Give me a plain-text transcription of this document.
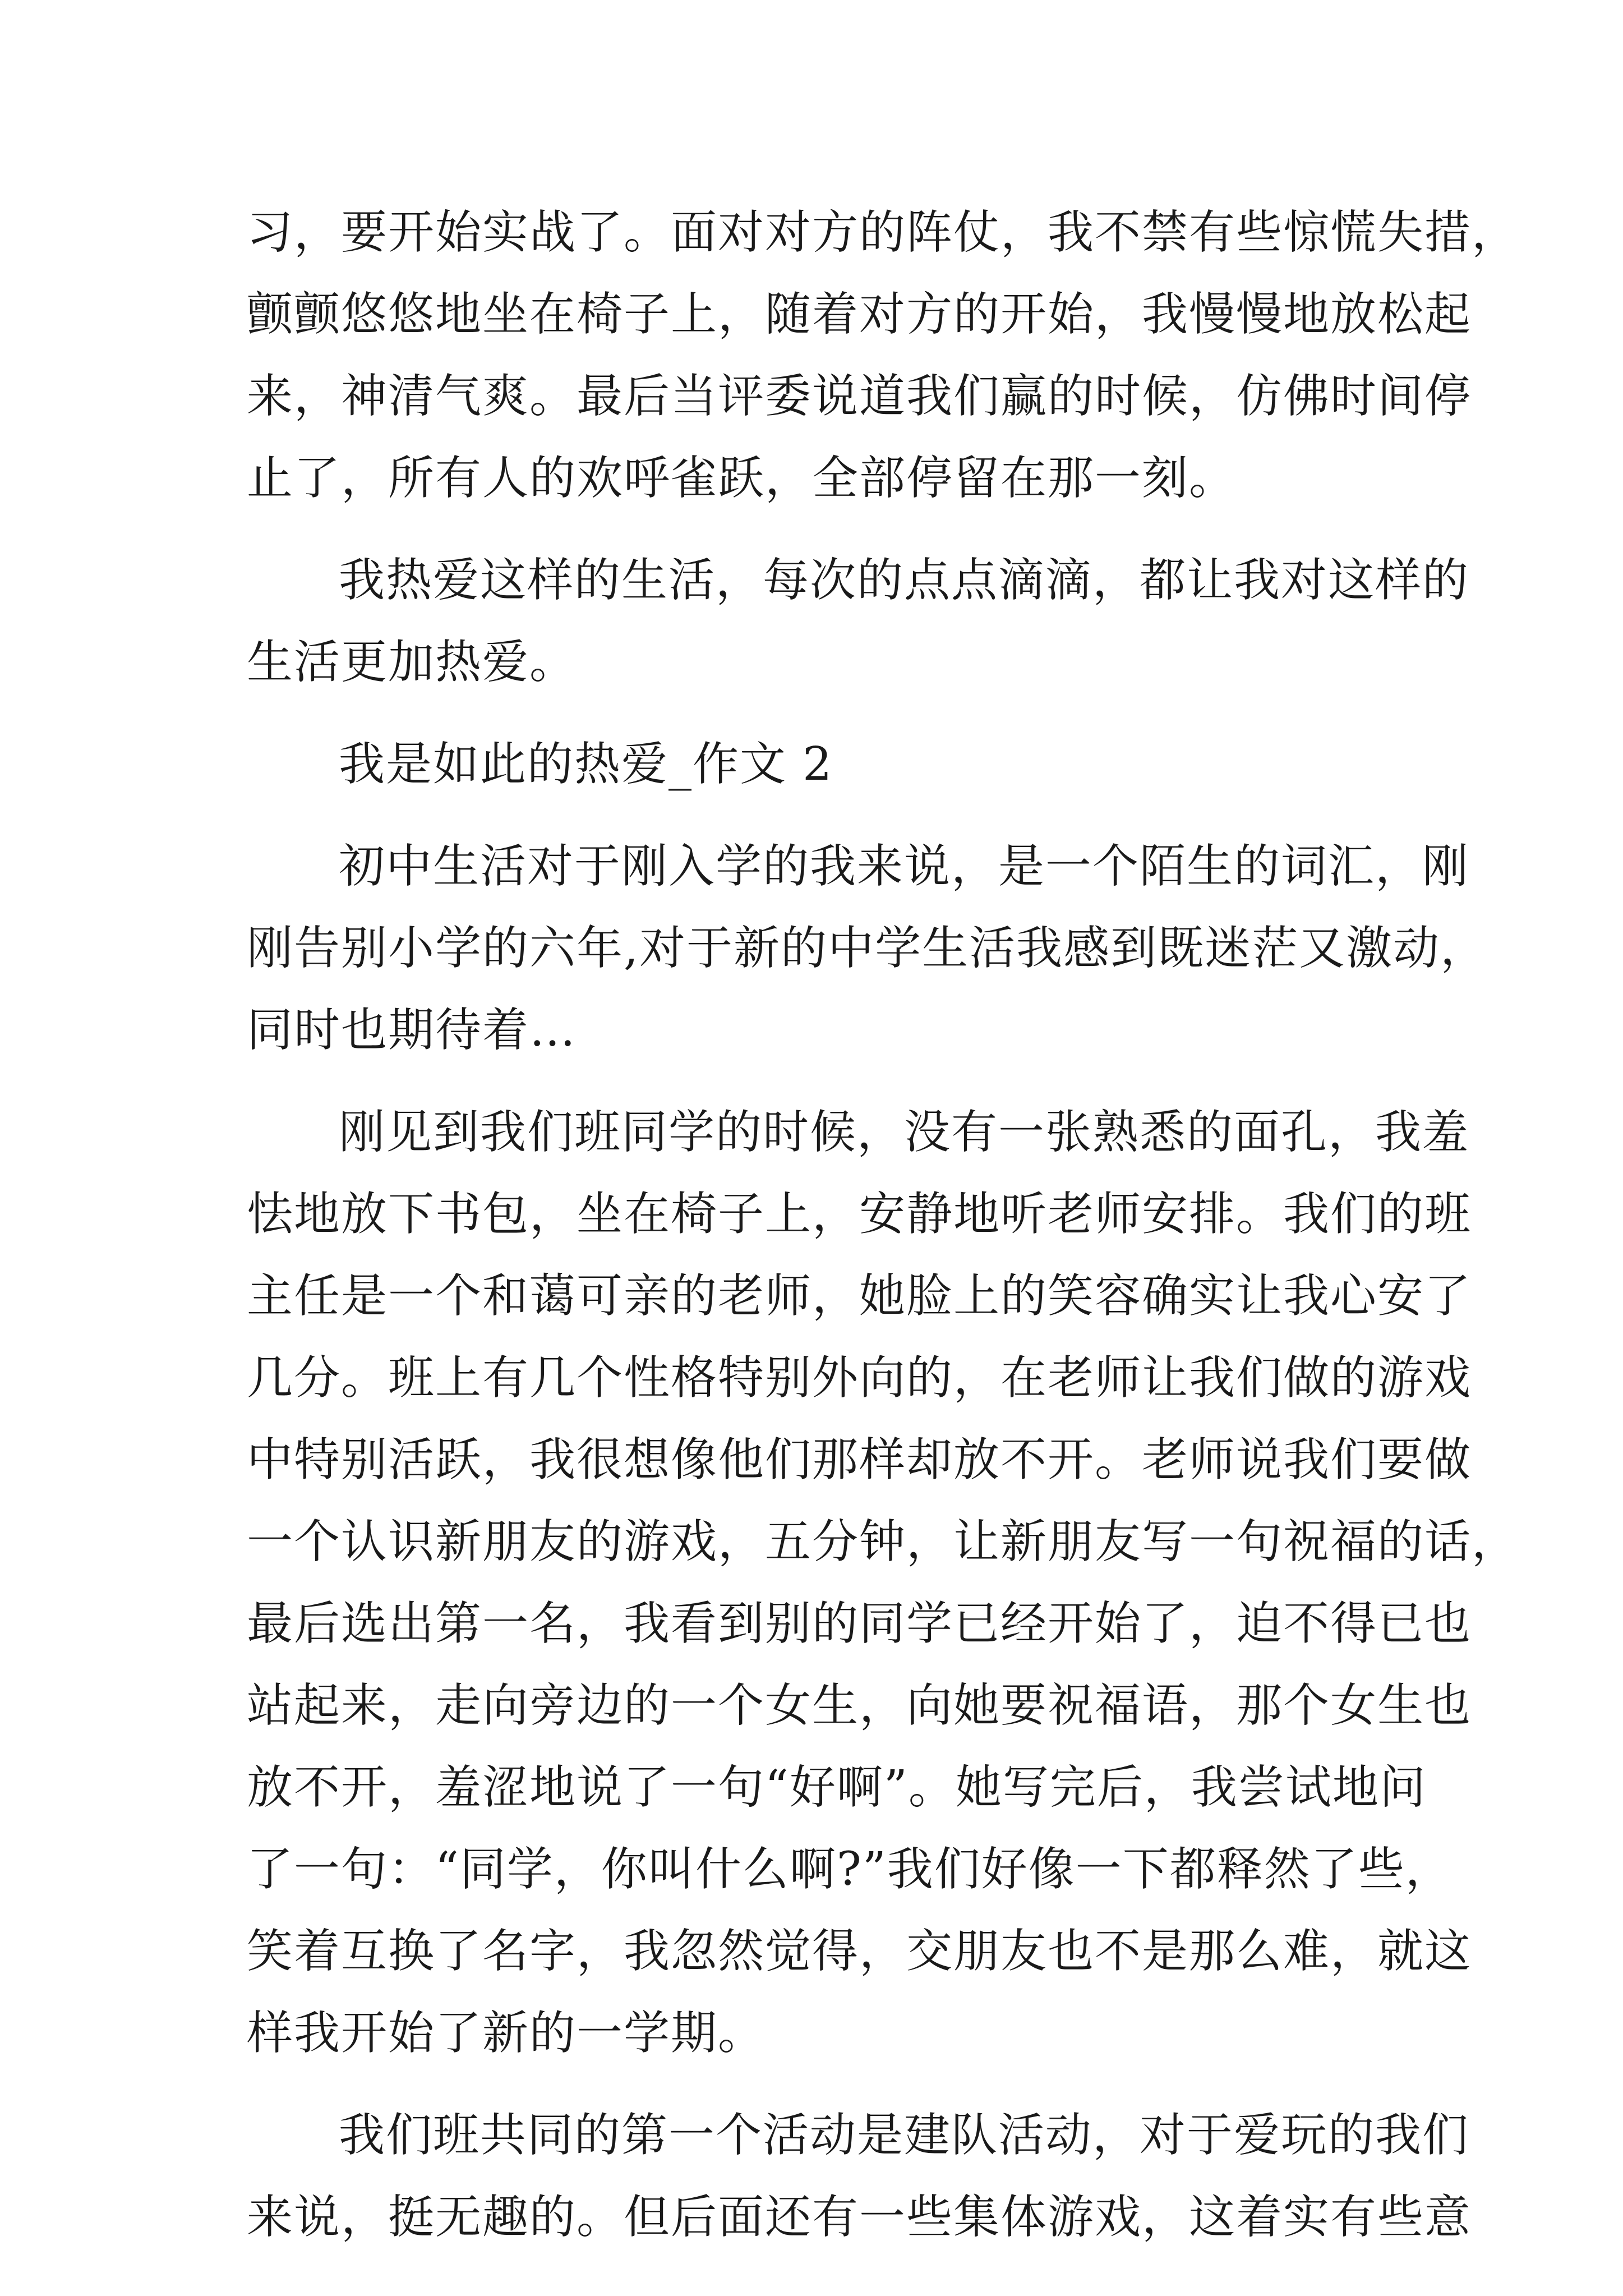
习，要开始实战了。面对对方的阵仗，我不禁有些惊慌失措，
颤颤悠悠地坐在椅子上，随着对方的开始，我慢慢地放松起
来，神清气爽。最后当评委说道我们赢的时候，仿佛时间停
止了，所有人的欢呼雀跃，全部停留在那一刻。
我热爱这样的生活，每次的点点滴滴，都让我对这样的
生活更加热爱。
我是如此的热爱_作文 2
初中生活对于刚入学的我来说，是一个陌生的词汇，刚
刚告别小学的六年,对于新的中学生活我感到既迷茫又激动，
同时也期待着…
刚见到我们班同学的时候，没有一张熟悉的面孔，我羞
怯地放下书包，坐在椅子上，安静地听老师安排。我们的班
主任是一个和蔼可亲的老师，她脸上的笑容确实让我心安了
几分。班上有几个性格特别外向的，在老师让我们做的游戏
中特别活跃，我很想像他们那样却放不开。老师说我们要做
一个认识新朋友的游戏，五分钟，让新朋友写一句祝福的话，
最后选出第一名，我看到别的同学已经开始了，迫不得已也
站起来，走向旁边的一个女生，向她要祝福语，那个女生也
放不开，羞涩地说了一句“好啊”。她写完后，我尝试地问
了一句：“同学，你叫什么啊?”我们好像一下都释然了些，
笑着互换了名字，我忽然觉得，交朋友也不是那么难，就这
样我开始了新的一学期。
我们班共同的第一个活动是建队活动，对于爱玩的我们
来说，挺无趣的。但后面还有一些集体游戏，这着实有些意
